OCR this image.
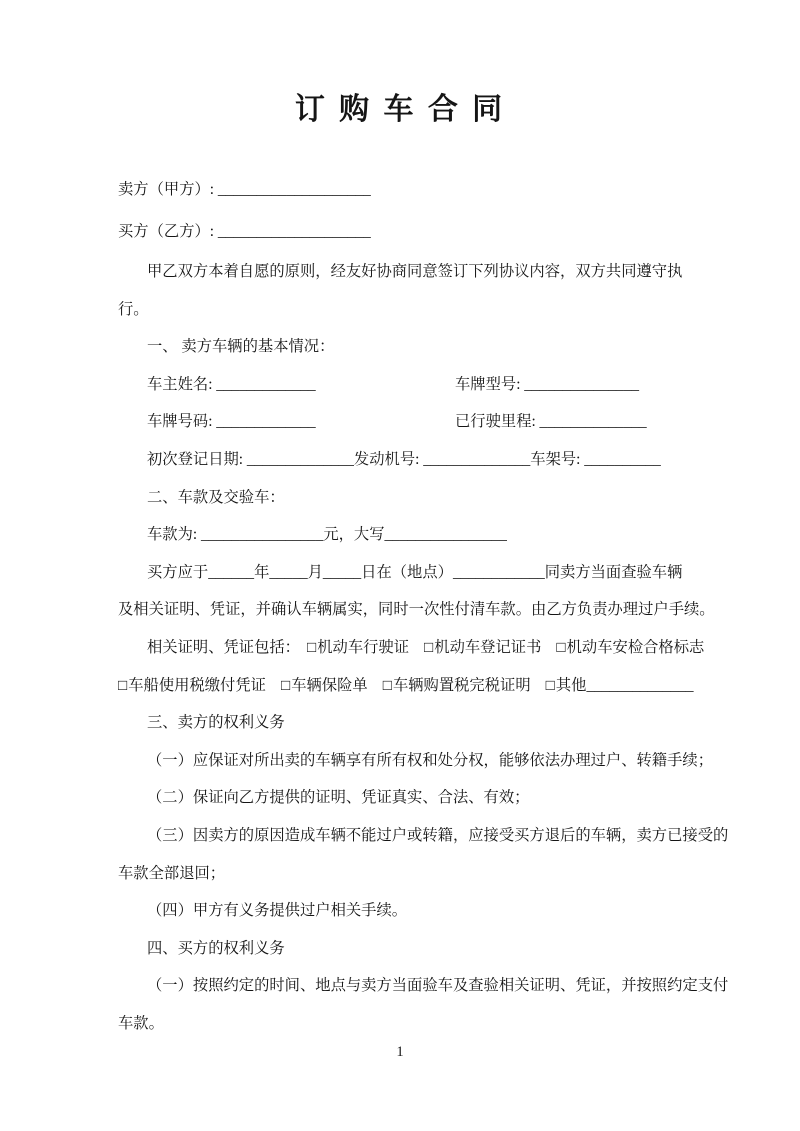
订 购 车 合 同
卖方（甲方）: ____________________
买方（乙方）: ____________________
甲乙双方本着自愿的原则，经友好协商同意签订下列协议内容，双方共同遵守执
行。
一、 卖方车辆的基本情况：
车主姓名: _____________	车牌型号: _______________
车牌号码: _____________	已行驶里程: ______________
初次登记日期: ______________发动机号: ______________车架号: __________
二、车款及交验车：
车款为: ________________元，大写________________
买方应于______年_____月_____日在（地点）____________同卖方当面查验车辆
及相关证明、凭证，并确认车辆属实，同时一次性付清车款。由乙方负责办理过户手续。
相关证明、凭证包括： □机动车行驶证 □机动车登记证书 □机动车安检合格标志
□车船使用税缴付凭证 □车辆保险单 □车辆购置税完税证明 □其他______________
三、卖方的权利义务
（一）应保证对所出卖的车辆享有所有权和处分权，能够依法办理过户、转籍手续；
（二）保证向乙方提供的证明、凭证真实、合法、有效；
（三）因卖方的原因造成车辆不能过户或转籍，应接受买方退后的车辆，卖方已接受的
车款全部退回；
（四）甲方有义务提供过户相关手续。
四、买方的权利义务
（一）按照约定的时间、地点与卖方当面验车及查验相关证明、凭证，并按照约定支付
车款。
1
